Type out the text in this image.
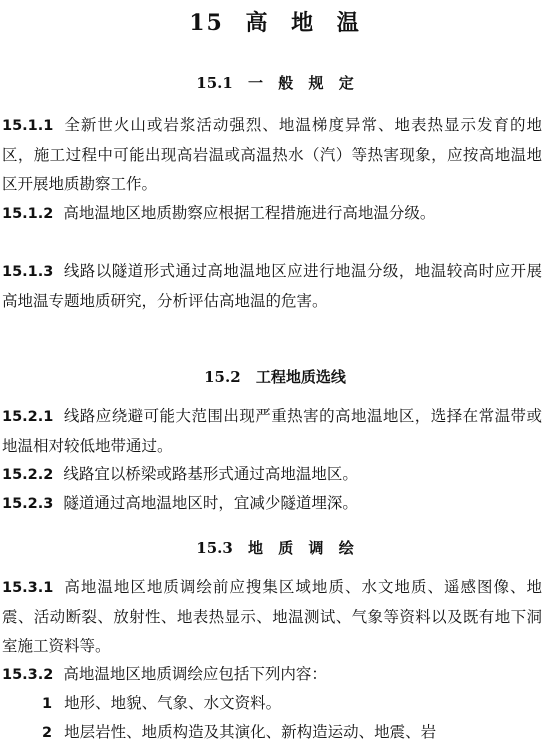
15 高 地 温
15.1 一 般 规 定
15.1.1 全新世火山或岩浆活动强烈、地温梯度异常、地表热显示发育的地区，施工过程中可能出现高岩温或高温热水（汽）等热害现象，应按高地温地区开展地质勘察工作。
15.1.2 高地温地区地质勘察应根据工程措施进行高地温分级。
15.1.3 线路以隧道形式通过高地温地区应进行地温分级，地温较高时应开展高地温专题地质研究，分析评估高地温的危害。
15.2 工程地质选线
15.2.1 线路应绕避可能大范围出现严重热害的高地温地区，选择在常温带或地温相对较低地带通过。
15.2.2 线路宜以桥梁或路基形式通过高地温地区。
15.2.3 隧道通过高地温地区时，宜减少隧道埋深。
15.3 地 质 调 绘
15.3.1 高地温地区地质调绘前应搜集区域地质、水文地质、遥感图像、地震、活动断裂、放射性、地表热显示、地温测试、气象等资料以及既有地下洞室施工资料等。
15.3.2 高地温地区地质调绘应包括下列内容：
1 地形、地貌、气象、水文资料。
2 地层岩性、地质构造及其演化、新构造运动、地震、岩
